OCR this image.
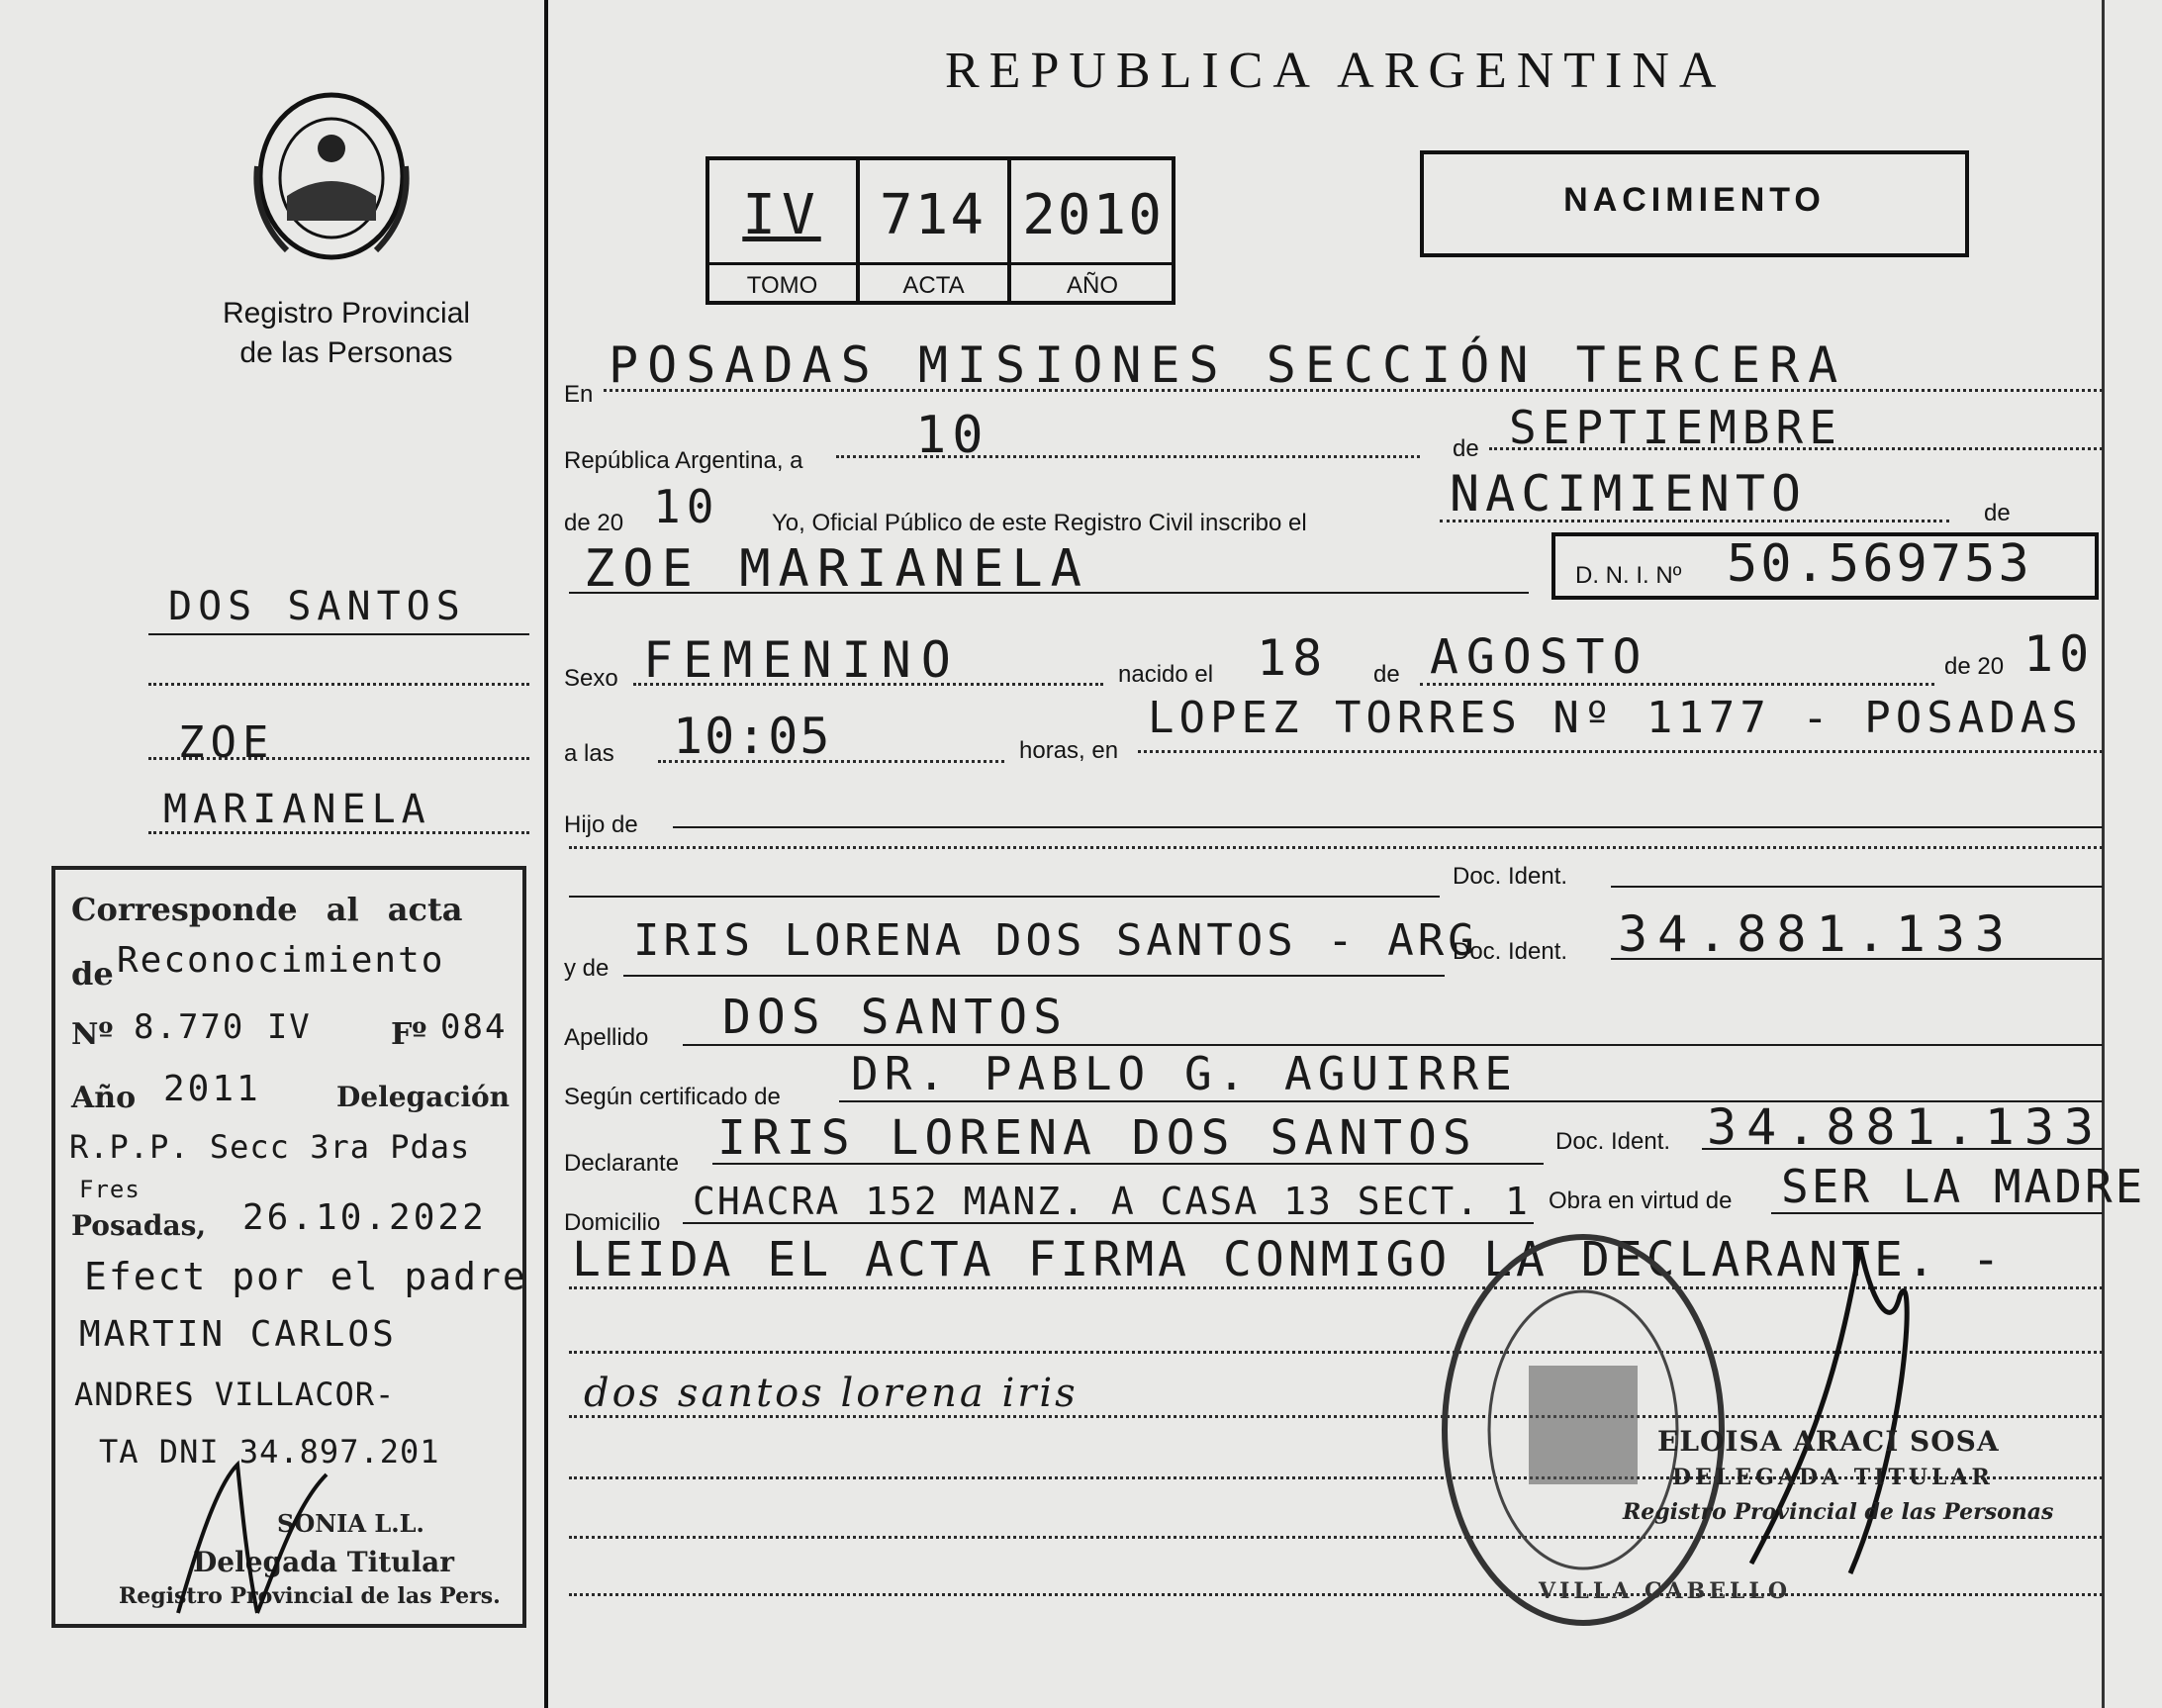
Registro Provincial
de las Personas
DOS SANTOS
ZOE
MARIANELA
Corresponde al acta
de Reconocimiento
Nº 8.770 IV	Fº 084
Año 2011	Delegación
R.P.P. Secc 3ra Pdas
Fres
Posadas, 26.10.2022
Efect por el padre
MARTIN CARLOS
ANDRES VILLACOR-
TA DNI 34.897.201
SONIA L.L.
Delegada Titular
Registro Provincial de las Pers.
REPUBLICA ARGENTINA
IV	714 2010
TOMO	ACTA	AÑO
NACIMIENTO
En
POSADAS MISIONES SECCIÓN TERCERA
República Argentina, a 10	de SEPTIEMBRE
de 20 10 Yo, Oficial Público de este Registro Civil inscribo el
NACIMIENTO	de
ZOE MARIANELA	D. N. I. Nº 50.569753
Sexo FEMENINO	nacido el 18 de AGOSTO	de 20 10
a las 10:05	horas, en
LOPEZ TORRES Nº 1177 - POSADAS
Hijo de
Doc. Ident.
y de
IRIS LORENA DOS SANTOS - ARG
Doc. Ident. 34.881.133
Apellido DOS SANTOS
Según certificado de DR. PABLO G. AGUIRRE
Declarante IRIS LORENA DOS SANTOS	Doc. Ident. 34.881.133
Domicilio CHACRA 152 MANZ. A CASA 13 SECT. 1 Obra en virtud de SER LA MADRE
LEIDA EL ACTA FIRMA CONMIGO LA DECLARANTE. -
dos santos lorena iris
VILLA CABELLO
ELOISA ARACI SOSA
DELEGADA TITULAR
Registro Provincial de las Personas
